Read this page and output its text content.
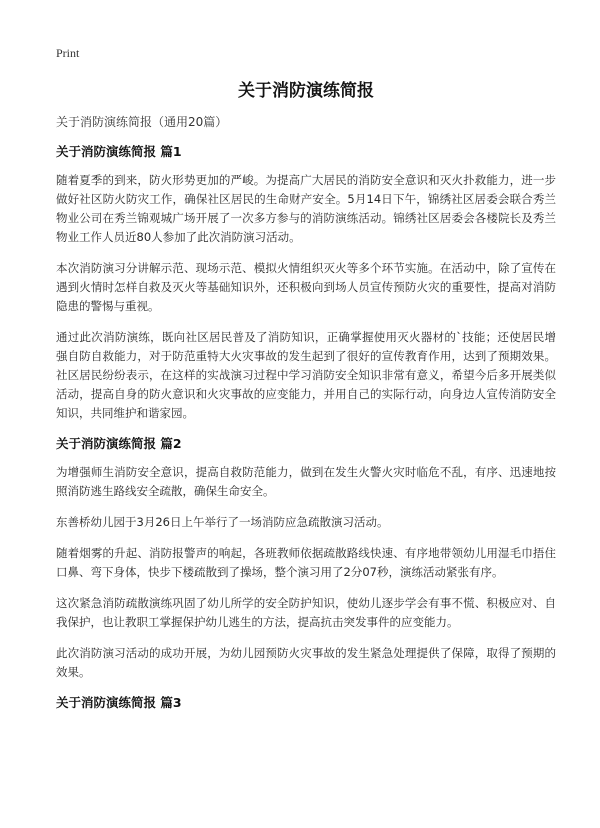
Print
关于消防演练简报
关于消防演练简报（通用20篇）
关于消防演练简报 篇1

随着夏季的到来，防火形势更加的严峻。为提高广大居民的消防安全意识和灭火扑救能力，进一步做好社区防火防灾工作，确保社区居民的生命财产安全。5月14日下午，锦绣社区居委会联合秀兰物业公司在秀兰锦观城广场开展了一次多方参与的消防演练活动。锦绣社区居委会各楼院长及秀兰物业工作人员近80人参加了此次消防演习活动。

本次消防演习分讲解示范、现场示范、模拟火情组织灭火等多个环节实施。在活动中，除了宣传在遇到火情时怎样自救及灭火等基础知识外，还积极向到场人员宣传预防火灾的重要性，提高对消防隐患的警惕与重视。

通过此次消防演练，既向社区居民普及了消防知识，正确掌握使用灭火器材的`技能；还使居民增强自防自救能力，对于防范重特大火灾事故的发生起到了很好的宣传教育作用，达到了预期效果。社区居民纷纷表示，在这样的实战演习过程中学习消防安全知识非常有意义，希望今后多开展类似活动，提高自身的防火意识和火灾事故的应变能力，并用自己的实际行动，向身边人宣传消防安全知识，共同维护和谐家园。

关于消防演练简报 篇2

为增强师生消防安全意识，提高自救防范能力，做到在发生火警火灾时临危不乱，有序、迅速地按照消防逃生路线安全疏散，确保生命安全。

东善桥幼儿园于3月26日上午举行了一场消防应急疏散演习活动。

随着烟雾的升起、消防报警声的响起，各班教师依据疏散路线快速、有序地带领幼儿用湿毛巾捂住口鼻、弯下身体，快步下楼疏散到了操场，整个演习用了2分07秒，演练活动紧张有序。

这次紧急消防疏散演练巩固了幼儿所学的安全防护知识，使幼儿逐步学会有事不慌、积极应对、自我保护，也让教职工掌握保护幼儿逃生的方法，提高抗击突发事件的应变能力。

此次消防演习活动的成功开展，为幼儿园预防火灾事故的发生紧急处理提供了保障，取得了预期的效果。

关于消防演练简报 篇3
